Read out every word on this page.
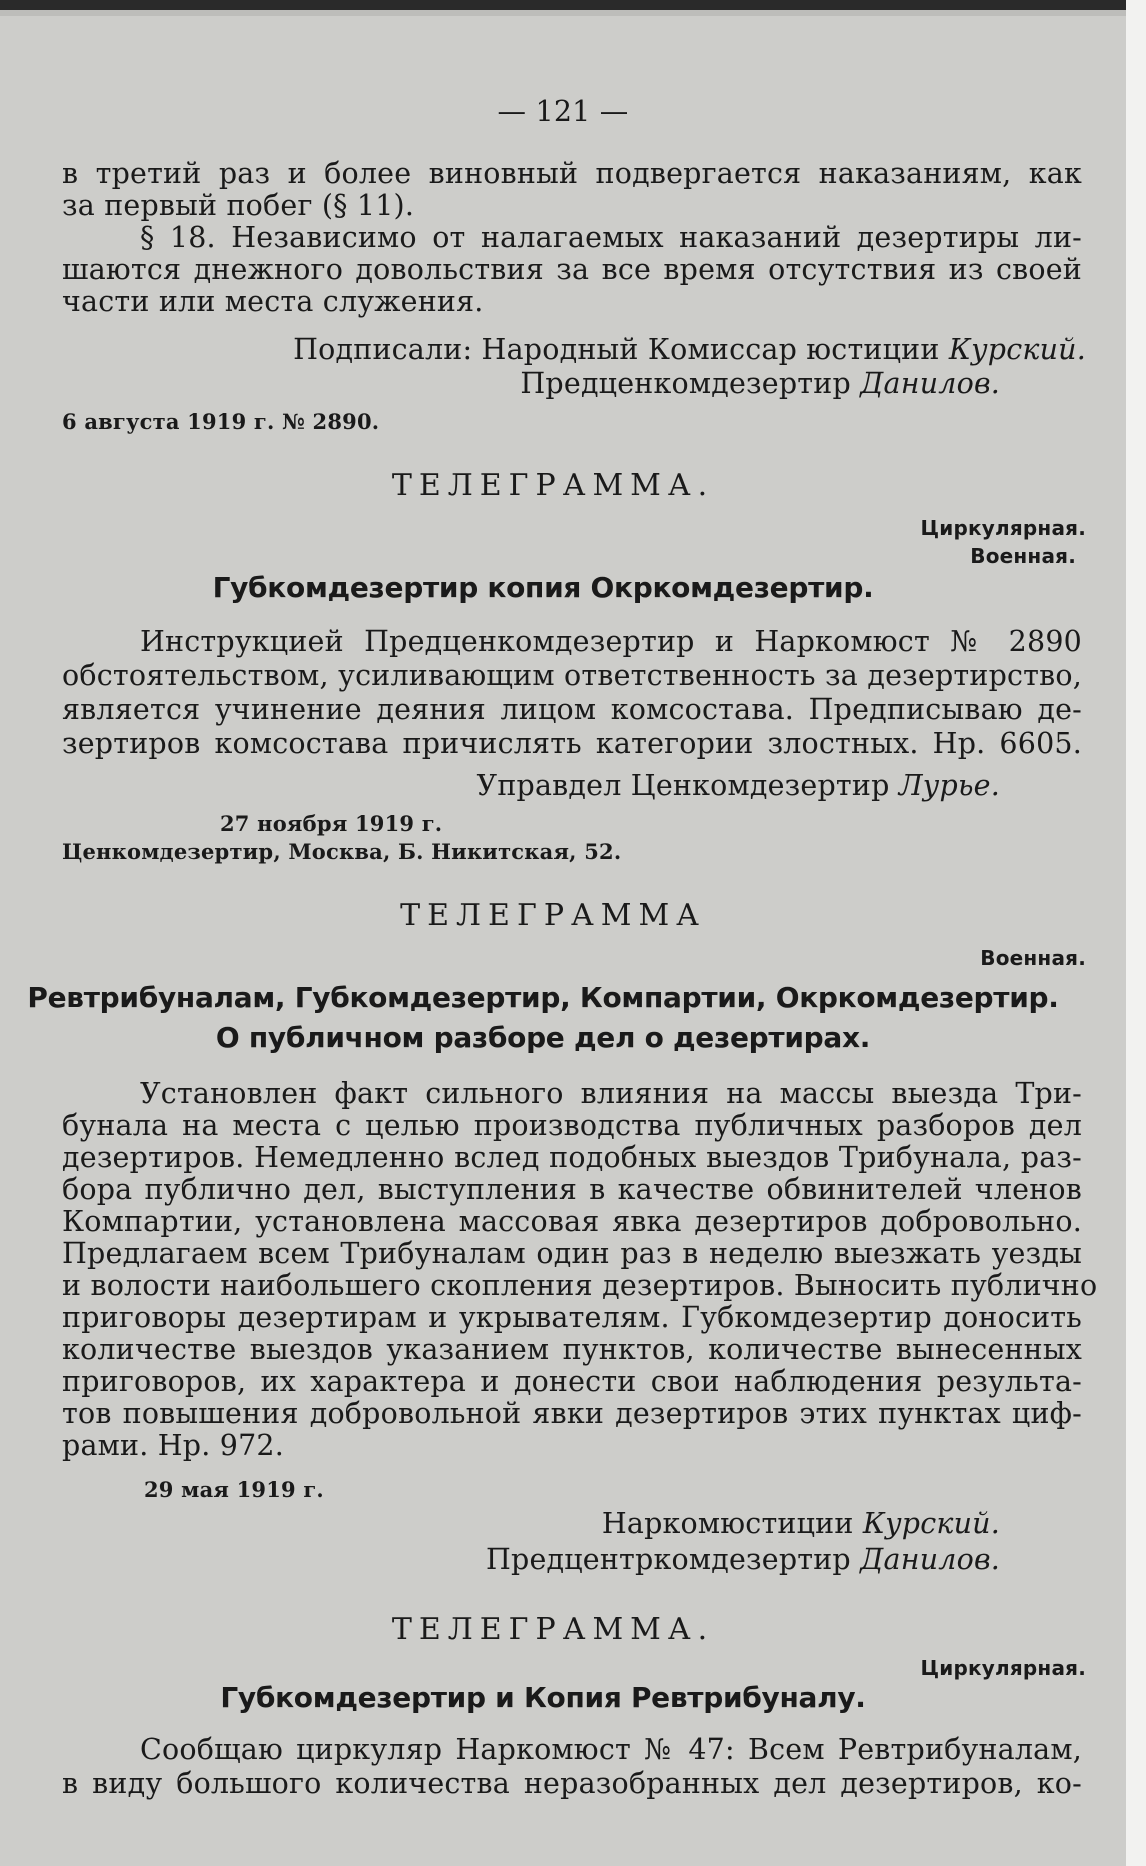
— 121 —
в третий раз и более виновный подвергается наказаниям, как
за первый побег (§ 11).
§ 18. Независимо от налагаемых наказаний дезертиры ли-
шаются днежного довольствия за все время отсутствия из своей
части или места служения.
Подписали: Народный Комиссар юстиции Курский.
Предценкомдезертир Данилов.
6 августа 1919 г. № 2890.
ТЕЛЕГРАММА.
Циркулярная.
Военная.
Губкомдезертир копия Окркомдезертир.
Инструкцией Предценкомдезертир и Наркомюст № 2890
обстоятельством, усиливающим ответственность за дезертирство,
является учинение деяния лицом комсостава. Предписываю де-
зертиров комсостава причислять категории злостных. Нр. 6605.
Управдел Ценкомдезертир Лурье.
27 ноября 1919 г.
Ценкомдезертир, Москва, Б. Никитская, 52.
ТЕЛЕГРАММА
Военная.
Ревтрибуналам, Губкомдезертир, Компартии, Окркомдезертир.
О публичном разборе дел о дезертирах.
Установлен факт сильного влияния на массы выезда Три-
бунала на места с целью производства публичных разборов дел
дезертиров. Немедленно вслед подобных выездов Трибунала, раз-
бора публично дел, выступления в качестве обвинителей членов
Компартии, установлена массовая явка дезертиров добровольно.
Предлагаем всем Трибуналам один раз в неделю выезжать уезды
и волости наибольшего скопления дезертиров. Выносить публично
приговоры дезертирам и укрывателям. Губкомдезертир доносить
количестве выездов указанием пунктов, количестве вынесенных
приговоров, их характера и донести свои наблюдения результа-
тов повышения добровольной явки дезертиров этих пунктах циф-
рами. Нр. 972.
29 мая 1919 г.
Наркомюстиции Курский.
Предцентркомдезертир Данилов.
ТЕЛЕГРАММА.
Циркулярная.
Губкомдезертир и Копия Ревтрибуналу.
Сообщаю циркуляр Наркомюст № 47: Всем Ревтрибуналам,
в виду большого количества неразобранных дел дезертиров, ко-
